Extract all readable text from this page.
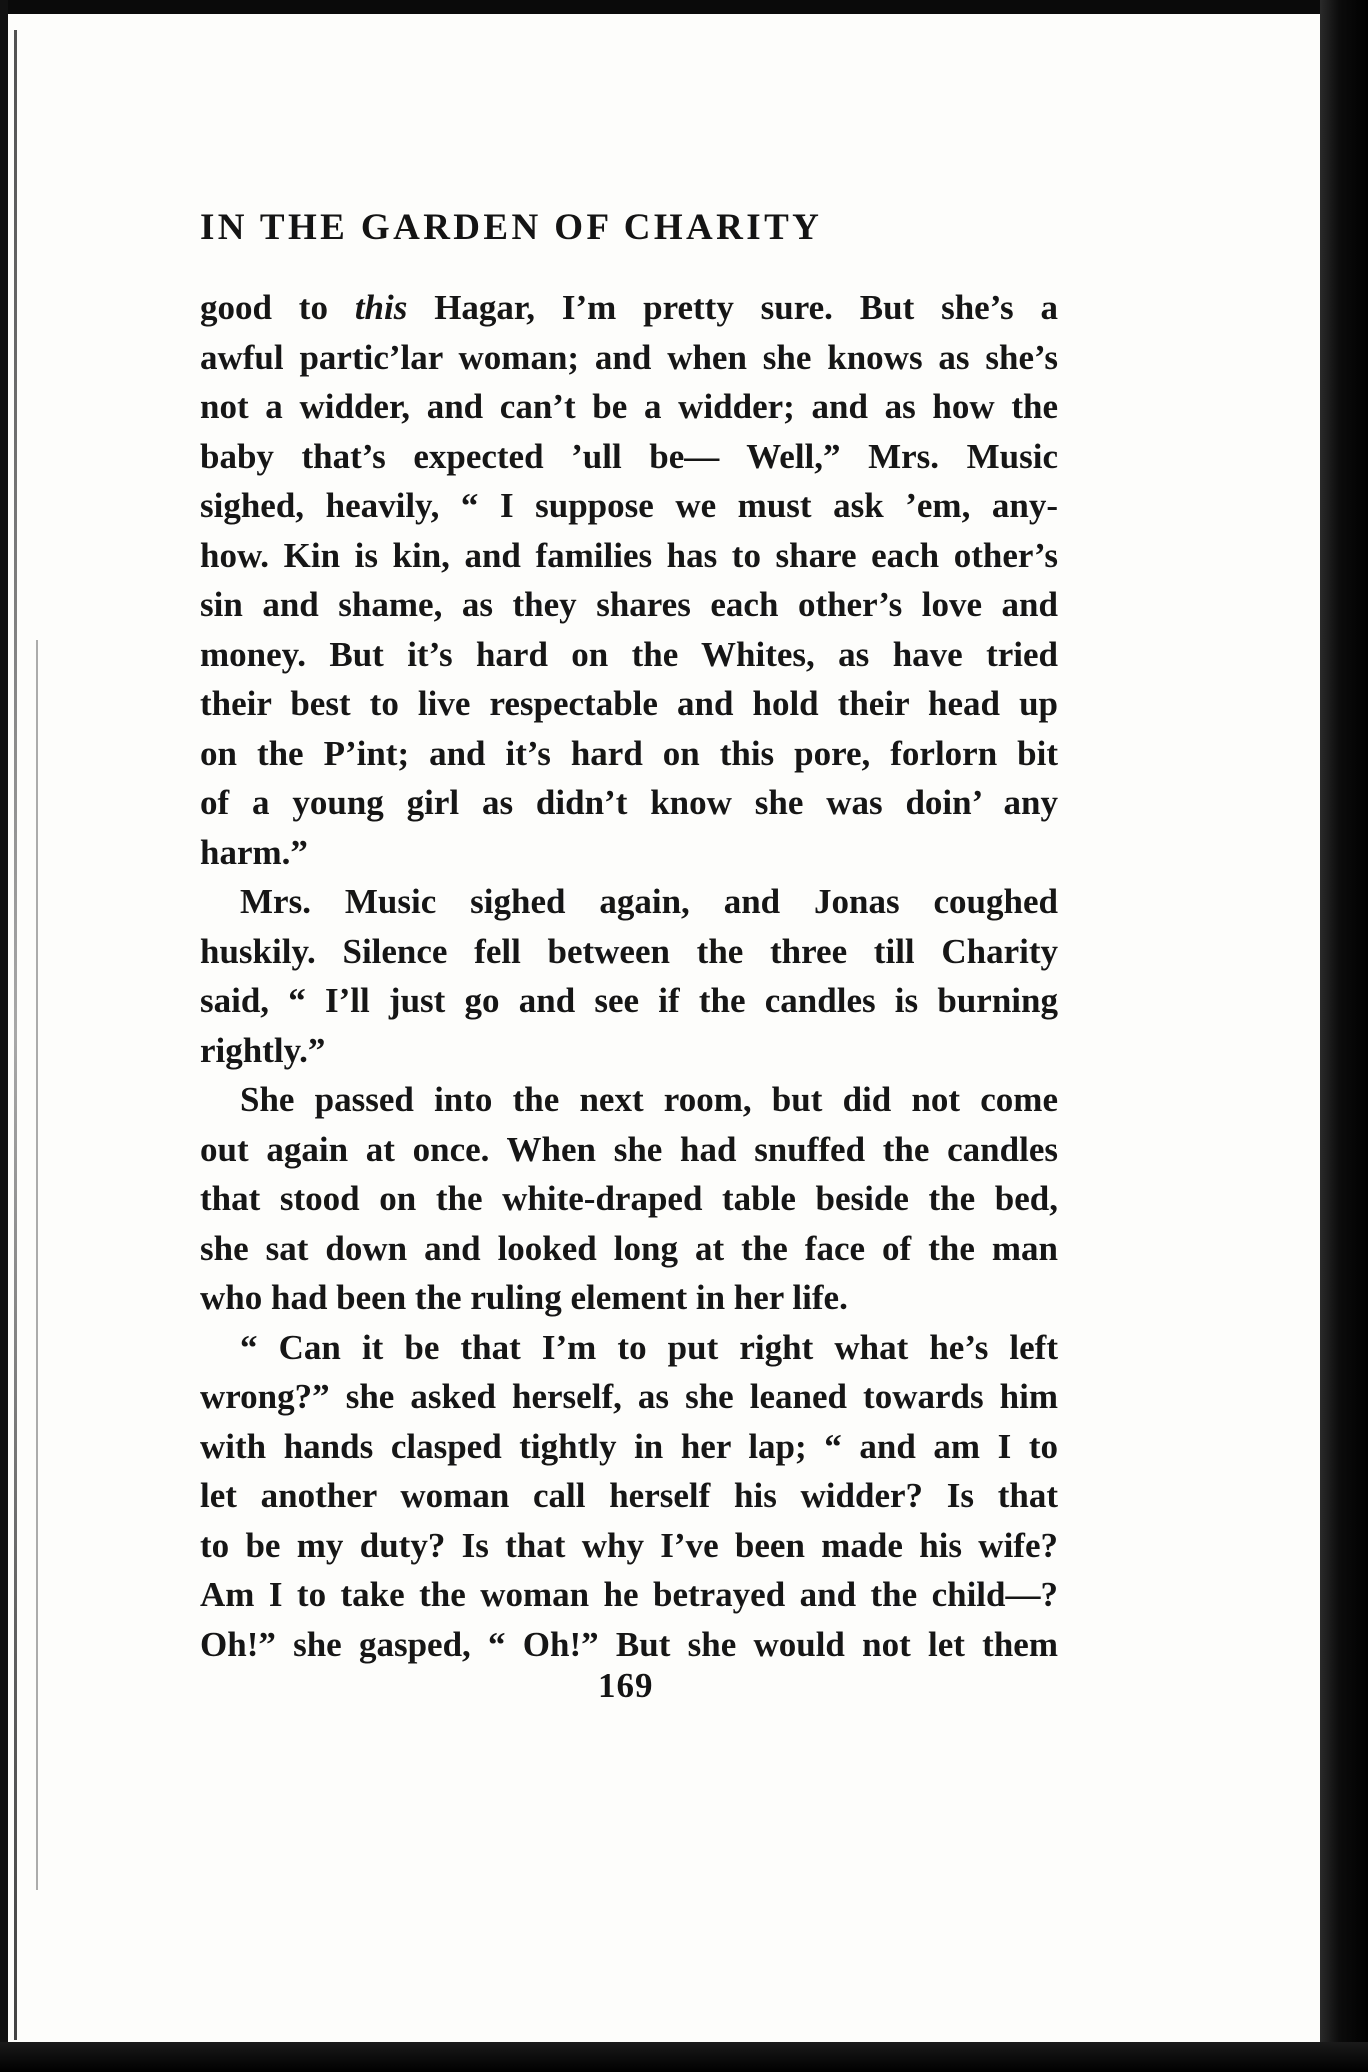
IN THE GARDEN OF CHARITY
good to this Hagar, I’m pretty sure. But she’s a
awful partic’lar woman; and when she knows as she’s
not a widder, and can’t be a widder; and as how the
baby that’s expected ’ull be— Well,” Mrs. Music
sighed, heavily, “ I suppose we must ask ’em, any-
how. Kin is kin, and families has to share each other’s
sin and shame, as they shares each other’s love and
money. But it’s hard on the Whites, as have tried
their best to live respectable and hold their head up
on the P’int; and it’s hard on this pore, forlorn bit
of a young girl as didn’t know she was doin’ any
harm.”
Mrs. Music sighed again, and Jonas coughed
huskily. Silence fell between the three till Charity
said, “ I’ll just go and see if the candles is burning
rightly.”
She passed into the next room, but did not come
out again at once. When she had snuffed the candles
that stood on the white-draped table beside the bed,
she sat down and looked long at the face of the man
who had been the ruling element in her life.
“ Can it be that I’m to put right what he’s left
wrong?” she asked herself, as she leaned towards him
with hands clasped tightly in her lap; “ and am I to
let another woman call herself his widder? Is that
to be my duty? Is that why I’ve been made his wife?
Am I to take the woman he betrayed and the child—?
Oh!” she gasped, “ Oh!” But she would not let them
169
